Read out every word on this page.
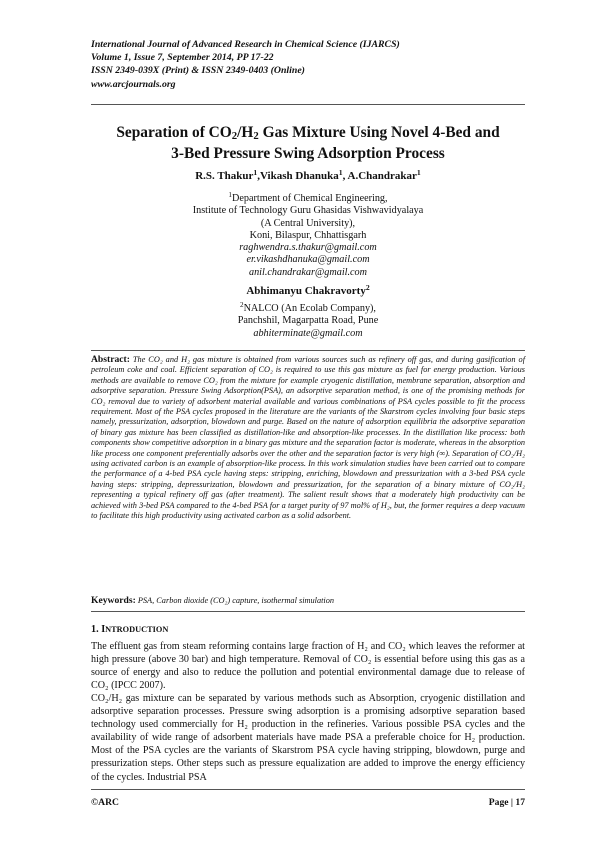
International Journal of Advanced Research in Chemical Science (IJARCS)
Volume 1, Issue 7, September 2014, PP 17-22
ISSN 2349-039X (Print) & ISSN 2349-0403 (Online)
www.arcjournals.org
Separation of $CO_2/H_2$ Gas Mixture Using Novel 4-Bed and
3-Bed Pressure Swing Adsorption Process
R.S. Thakur$^1$,Vikash Dhanuka$^1$, A.Chandrakar$^1$
$^1$Department of Chemical Engineering,
Institute of Technology Guru Ghasidas Vishwavidyalaya
(A Central University),
Koni, Bilaspur, Chhattisgarh
raghwendra.s.thakur@gmail.com
er.vikashdhanuka@gmail.com
anil.chandrakar@gmail.com
Abhimanyu Chakravorty$^2$
$^2$NALCO (An Ecolab Company),
Panchshil, Magarpatta Road, Pune
abhiterminate@gmail.com
Abstract: The CO₂ and H₂ gas mixture is obtained from various sources such as refinery off gas, and during gasification of petroleum coke and coal. Efficient separation of CO₂ is required to use this gas mixture as fuel for energy production. Various methods are available to remove CO₂ from the mixture for example cryogenic distillation, membrane separation, absorption and adsorptive separation. Pressure Swing Adsorption(PSA), an adsorptive separation method, is one of the promising methods for CO₂ removal due to variety of adsorbent material available and various combinations of PSA cycles possible to fit the process requirement. Most of the PSA cycles proposed in the literature are the variants of the Skarstrom cycles involving four basic steps namely, pressurization, adsorption, blowdown and purge. Based on the nature of adsorption equilibria the adsorptive separation of binary gas mixture has been classified as distillation-like and absorption-like processes. In the distillation like process: both components show competitive adsorption in a binary gas mixture and the separation factor is moderate, whereas in the absorption like process one component preferentially adsorbs over the other and the separation factor is very high (∞). Separation of CO₂/H₂ using activated carbon is an example of absorption-like process. In this work simulation studies have been carried out to compare the performance of a 4-bed PSA cycle having steps: stripping, enriching, blowdown and pressurization with a 3-bed PSA cycle having steps: stripping, depressurization, blowdown and pressurization, for the separation of a binary mixture of CO₂/H₂ representing a typical refinery off gas (after treatment). The salient result shows that a moderately high productivity can be achieved with 3-bed PSA compared to the 4-bed PSA for a target purity of 97 mol% of H₂, but, the former requires a deep vacuum to facilitate this high productivity using activated carbon as a solid adsorbent.
Keywords: PSA, Carbon dioxide (CO₂) capture, isothermal simulation
1. INTRODUCTION
The effluent gas from steam reforming contains large fraction of H₂ and CO₂ which leaves the reformer at high pressure (above 30 bar) and high temperature. Removal of CO₂ is essential before using this gas as a source of energy and also to reduce the pollution and potential environmental damage due to release of CO₂ (IPCC 2007).
CO₂/H₂ gas mixture can be separated by various methods such as Absorption, cryogenic distillation and adsorptive separation processes. Pressure swing adsorption is a promising adsorptive separation based technology used commercially for H₂ production in the refineries. Various possible PSA cycles and the availability of wide range of adsorbent materials have made PSA a preferable choice for H₂ production. Most of the PSA cycles are the variants of Skarstrom PSA cycle having stripping, blowdown, purge and pressurization steps. Other steps such as pressure equalization are added to improve the energy efficiency of the cycles. Industrial PSA
©ARC	Page | 17
